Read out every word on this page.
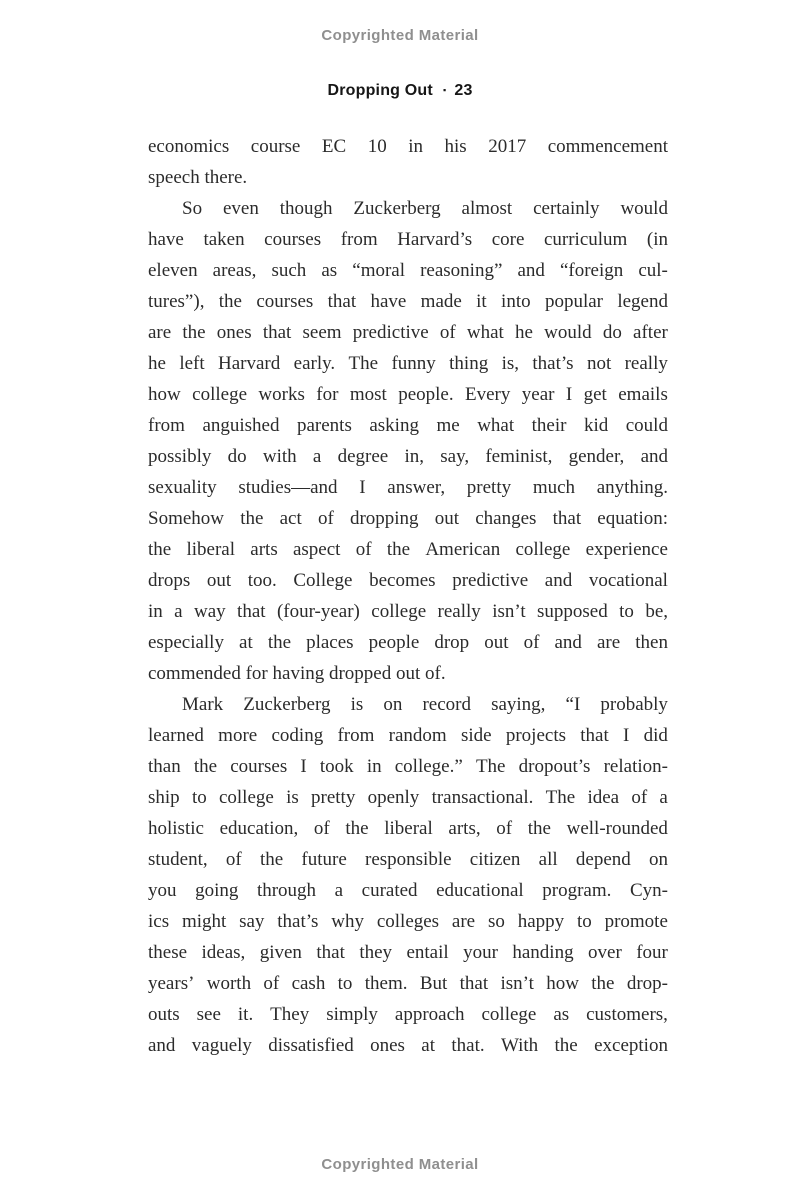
Copyrighted Material
Dropping Out ▪ 23
economics course EC 10 in his 2017 commencement
speech there.
So even though Zuckerberg almost certainly would
have taken courses from Harvard’s core curriculum (in
eleven areas, such as “moral reasoning” and “foreign cul-
tures”), the courses that have made it into popular legend
are the ones that seem predictive of what he would do after
he left Harvard early. The funny thing is, that’s not really
how college works for most people. Every year I get emails
from anguished parents asking me what their kid could
possibly do with a degree in, say, feminist, gender, and
sexuality studies—and I answer, pretty much anything.
Somehow the act of dropping out changes that equation:
the liberal arts aspect of the American college experience
drops out too. College becomes predictive and vocational
in a way that (four-year) college really isn’t supposed to be,
especially at the places people drop out of and are then
commended for having dropped out of.
Mark Zuckerberg is on record saying, “I probably
learned more coding from random side projects that I did
than the courses I took in college.” The dropout’s relation-
ship to college is pretty openly transactional. The idea of a
holistic education, of the liberal arts, of the well-rounded
student, of the future responsible citizen all depend on
you going through a curated educational program. Cyn-
ics might say that’s why colleges are so happy to promote
these ideas, given that they entail your handing over four
years’ worth of cash to them. But that isn’t how the drop-
outs see it. They simply approach college as customers,
and vaguely dissatisfied ones at that. With the exception
Copyrighted Material
